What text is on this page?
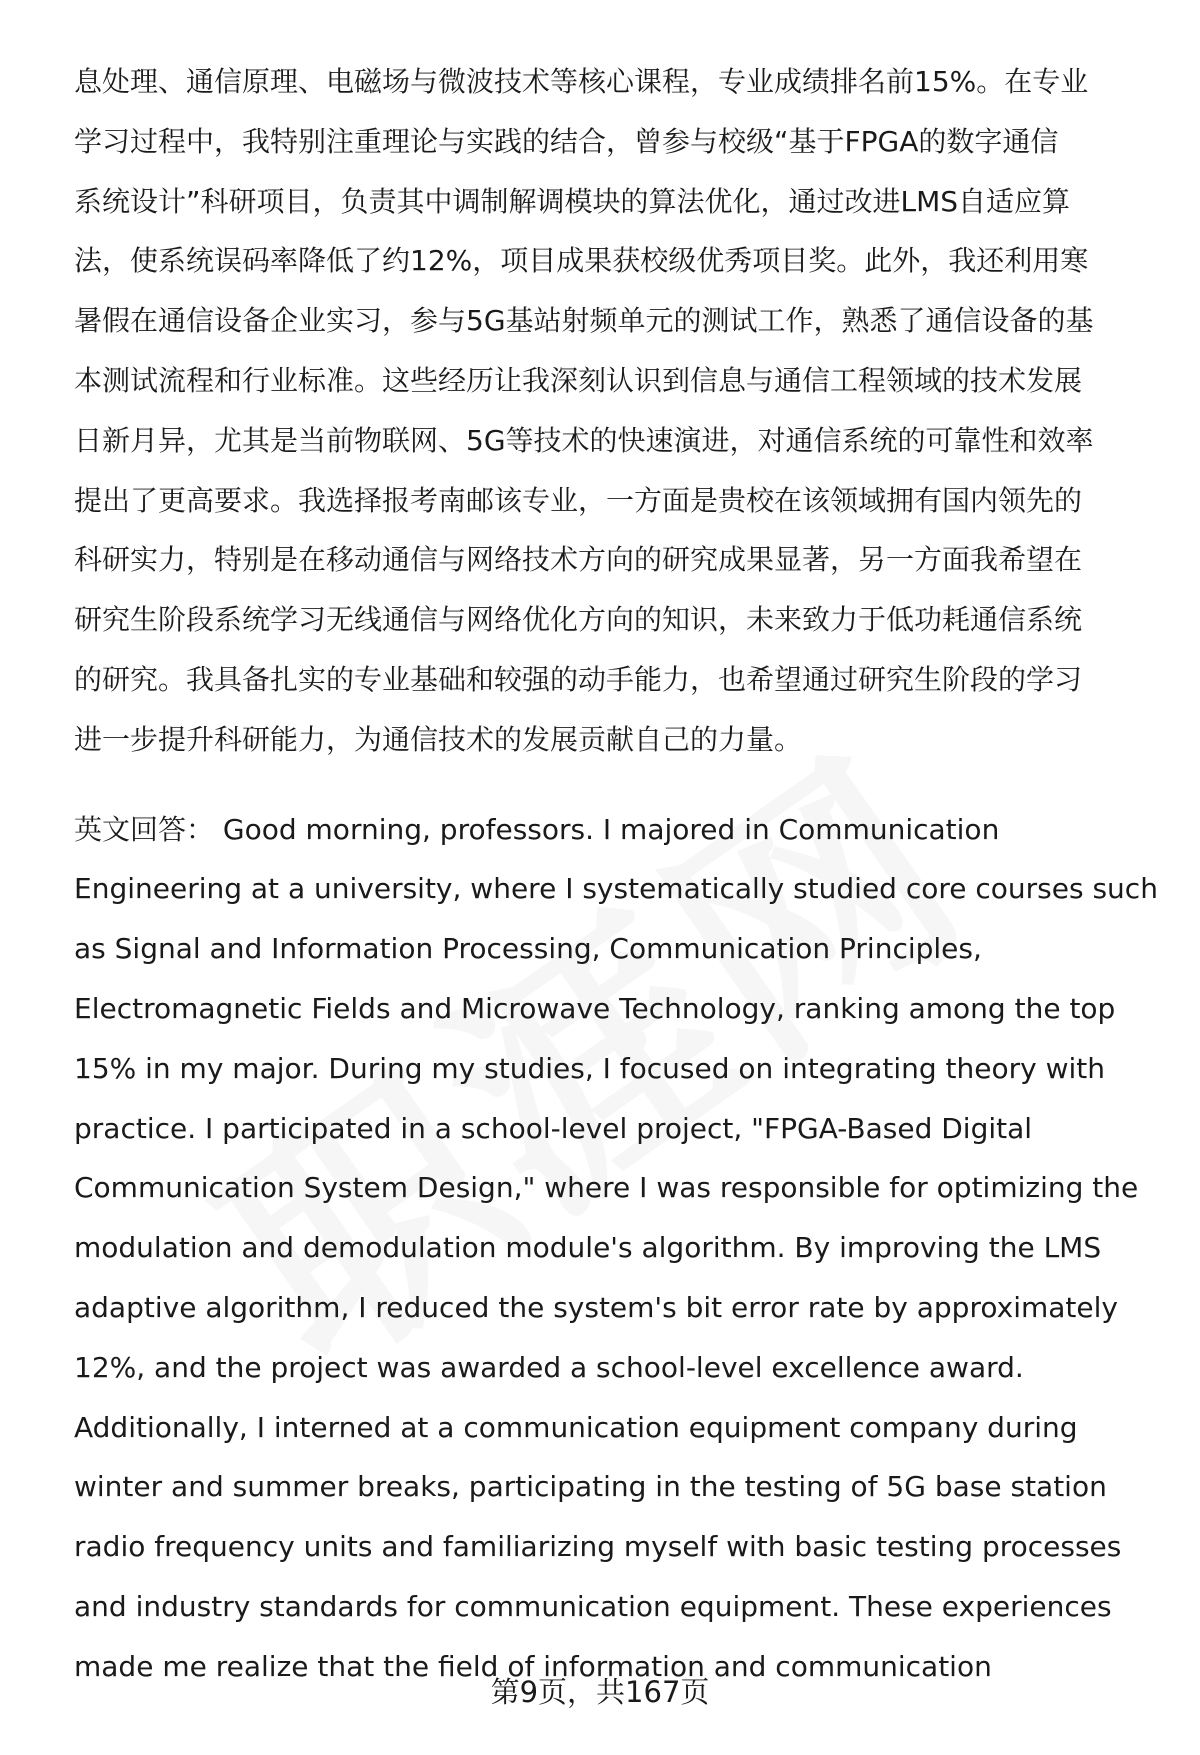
息处理、通信原理、电磁场与微波技术等核心课程，专业成绩排名前15%。在专业
学习过程中，我特别注重理论与实践的结合，曾参与校级“基于FPGA的数字通信
系统设计”科研项目，负责其中调制解调模块的算法优化，通过改进LMS自适应算
法，使系统误码率降低了约12%，项目成果获校级优秀项目奖。此外，我还利用寒
暑假在通信设备企业实习，参与5G基站射频单元的测试工作，熟悉了通信设备的基
本测试流程和行业标准。这些经历让我深刻认识到信息与通信工程领域的技术发展
日新月异，尤其是当前物联网、5G等技术的快速演进，对通信系统的可靠性和效率
提出了更高要求。我选择报考南邮该专业，一方面是贵校在该领域拥有国内领先的
科研实力，特别是在移动通信与网络技术方向的研究成果显著，另一方面我希望在
研究生阶段系统学习无线通信与网络优化方向的知识，未来致力于低功耗通信系统
的研究。我具备扎实的专业基础和较强的动手能力，也希望通过研究生阶段的学习
进一步提升科研能力，为通信技术的发展贡献自己的力量。
英文回答： Good morning, professors. I majored in Communication
Engineering at a university, where I systematically studied core courses such
as Signal and Information Processing, Communication Principles,
Electromagnetic Fields and Microwave Technology, ranking among the top
15% in my major. During my studies, I focused on integrating theory with
practice. I participated in a school-level project, "FPGA-Based Digital
Communication System Design," where I was responsible for optimizing the
modulation and demodulation module's algorithm. By improving the LMS
adaptive algorithm, I reduced the system's bit error rate by approximately
12%, and the project was awarded a school-level excellence award.
Additionally, I interned at a communication equipment company during
winter and summer breaks, participating in the testing of 5G base station
radio frequency units and familiarizing myself with basic testing processes
and industry standards for communication equipment. These experiences
made me realize that the field of information and communication
第9页，共167页
